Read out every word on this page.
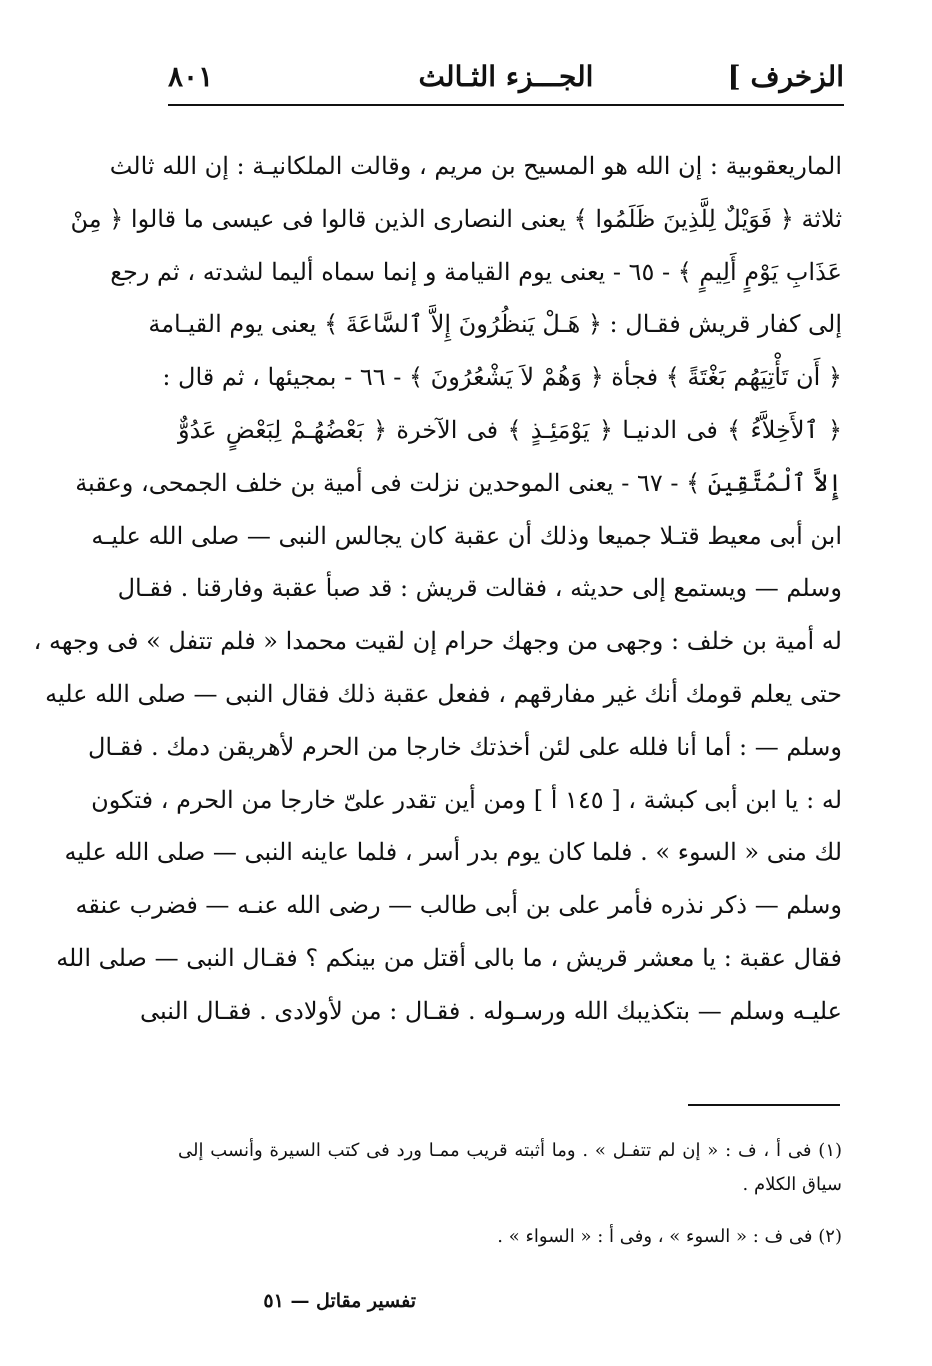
الزخرف ]
الجـــزء الثـالث
٨٠١
الماريعقوبية : إن الله هو المسيح بن مريم ، وقالت الملكانيـة : إن الله ثالث
ثلاثة ﴿ فَوَيْلٌ لِلَّذِينَ ظَلَمُوا ﴾ يعنى النصارى الذين قالوا فى عيسى ما قالوا ﴿ مِنْ
عَذَابِ يَوْمٍ أَلِيمٍ ﴾ - ٦٥ - يعنى يوم القيامة و إنما سماه أليما لشدته ، ثم رجع
إلى كفار قريش فقـال : ﴿ هَـلْ يَنظُرُونَ إِلاَّ ٱلسَّاعَةَ ﴾ يعنى يوم القيـامة
﴿ أَن تَأْتِيَهُم بَغْتَةً ﴾ فجأة ﴿ وَهُمْ لاَ يَشْعُرُونَ ﴾ - ٦٦ - بمجيئها ، ثم قال :
﴿ ٱلأَخِلاَّءُ ﴾ فى الدنيـا ﴿ يَوْمَئِـذٍ ﴾ فى الآخرة ﴿ بَعْضُهُـمْ لِبَعْضٍ عَدُوٌّ
إِلاَّ ٱلْمُتَّقِينَ ﴾ - ٦٧ - يعنى الموحدين نزلت فى أمية بن خلف الجمحى، وعقبة
ابن أبى معيط قتـلا جميعا وذلك أن عقبة كان يجالس النبى — صلى الله عليـه
وسلم — ويستمع إلى حديثه ، فقالت قريش : قد صبأ عقبة وفارقنا . فقـال
له أمية بن خلف : وجهى من وجهك حرام إن لقيت محمدا « فلم تتفل » فى وجهه ،
حتى يعلم قومك أنك غير مفارقهم ، ففعل عقبة ذلك فقال النبى — صلى الله عليه
وسلم — : أما أنا فلله على لئن أخذتك خارجا من الحرم لأهريقن دمك . فقـال
له : يا ابن أبى كبشة ، [ ١٤٥ أ ] ومن أين تقدر علىّ خارجا من الحرم ، فتكون
لك منى « السوء » . فلما كان يوم بدر أسر ، فلما عاينه النبى — صلى الله عليه
وسلم — ذكر نذره فأمر على بن أبى طالب — رضى الله عنـه — فضرب عنقه
فقال عقبة : يا معشر قريش ، ما بالى أقتل من بينكم ؟ فقـال النبى — صلى الله
عليـه وسلم — بتكذيبك الله ورسـوله . فقـال : من لأولادى . فقـال النبى
(١) فى أ ، ف : « إن لم تتفـل » . وما أثبته قريب ممـا ورد فى كتب السيرة وأنسب إلى
سياق الكلام .
(٢) فى ف : « السوء » ، وفى أ : « السواء » .
تفسير مقاتل — ٥١
